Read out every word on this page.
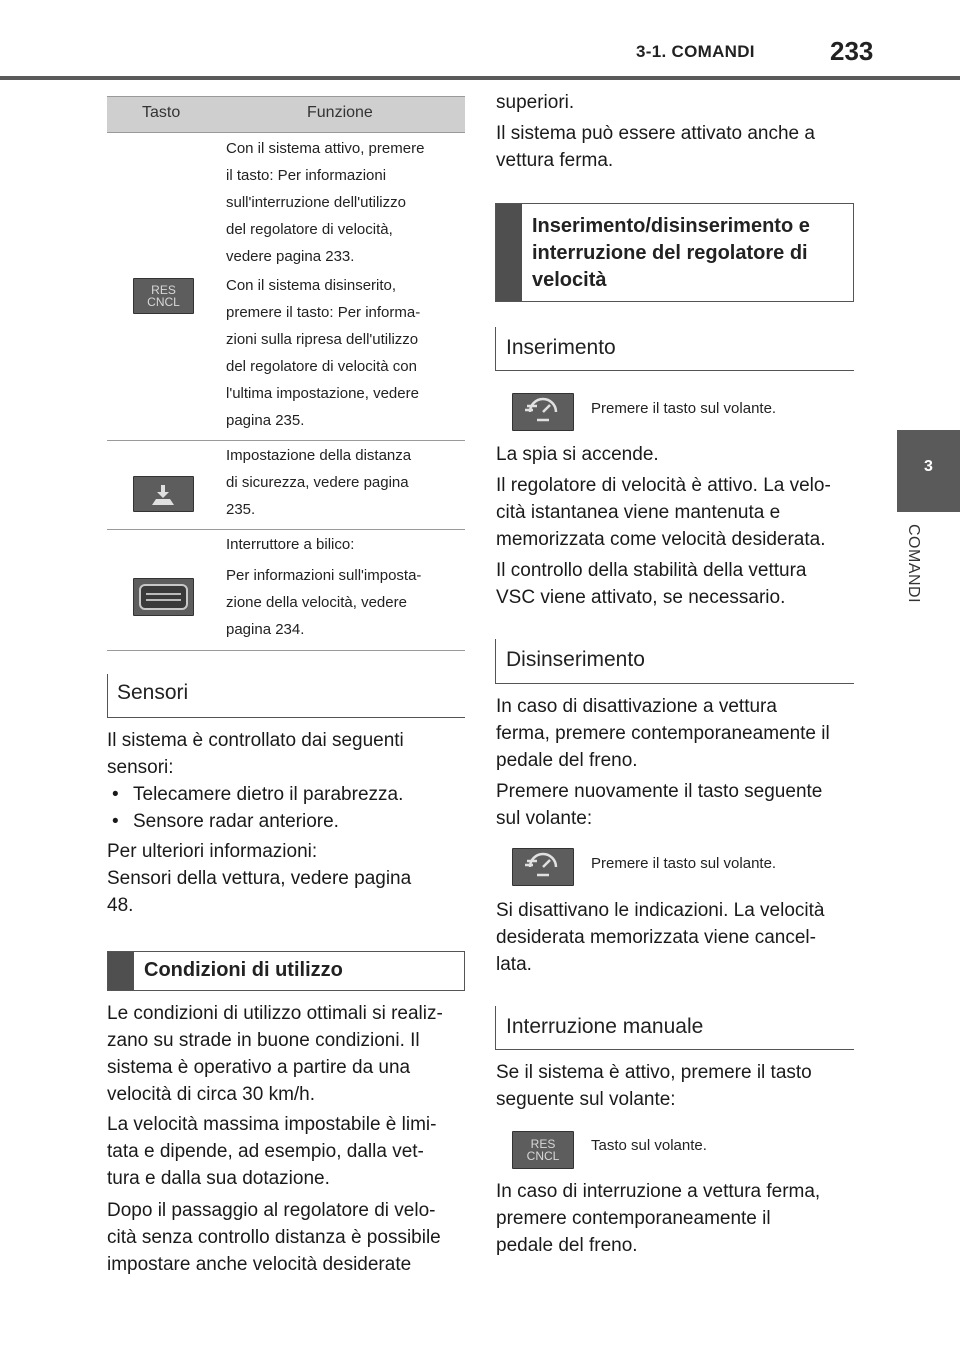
3-1. COMANDI	233
3
COMANDI
Tasto	Funzione
RES
CNCL
Con il sistema attivo, premere
il tasto: Per informazioni
sull'interruzione dell'utilizzo
del regolatore di velocità,
vedere pagina 233.
Con il sistema disinserito,
premere il tasto: Per informa-
zioni sulla ripresa dell'utilizzo
del regolatore di velocità con
l'ultima impostazione, vedere
pagina 235.
Impostazione della distanza
di sicurezza, vedere pagina
235.
Interruttore a bilico:
Per informazioni sull'imposta-
zione della velocità, vedere
pagina 234.
Sensori
Il sistema è controllato dai seguenti
sensori:
• Telecamere dietro il parabrezza.
• Sensore radar anteriore.
Per ulteriori informazioni:
Sensori della vettura, vedere pagina
48.
Condizioni di utilizzo
Le condizioni di utilizzo ottimali si realiz-
zano su strade in buone condizioni. Il
sistema è operativo a partire da una
velocità di circa 30 km/h.
La velocità massima impostabile è limi-
tata e dipende, ad esempio, dalla vet-
tura e dalla sua dotazione.
Dopo il passaggio al regolatore di velo-
cità senza controllo distanza è possibile
impostare anche velocità desiderate
superiori.
Il sistema può essere attivato anche a
vettura ferma.
Inserimento/disinserimento e
interruzione del regolatore di
velocità
Inserimento
Premere il tasto sul volante.
La spia si accende.
Il regolatore di velocità è attivo. La velo-
cità istantanea viene mantenuta e
memorizzata come velocità desiderata.
Il controllo della stabilità della vettura
VSC viene attivato, se necessario.
Disinserimento
In caso di disattivazione a vettura
ferma, premere contemporaneamente il
pedale del freno.
Premere nuovamente il tasto seguente
sul volante:
Premere il tasto sul volante.
Si disattivano le indicazioni. La velocità
desiderata memorizzata viene cancel-
lata.
Interruzione manuale
Se il sistema è attivo, premere il tasto
seguente sul volante:
RES
CNCL
Tasto sul volante.
In caso di interruzione a vettura ferma,
premere contemporaneamente il
pedale del freno.
